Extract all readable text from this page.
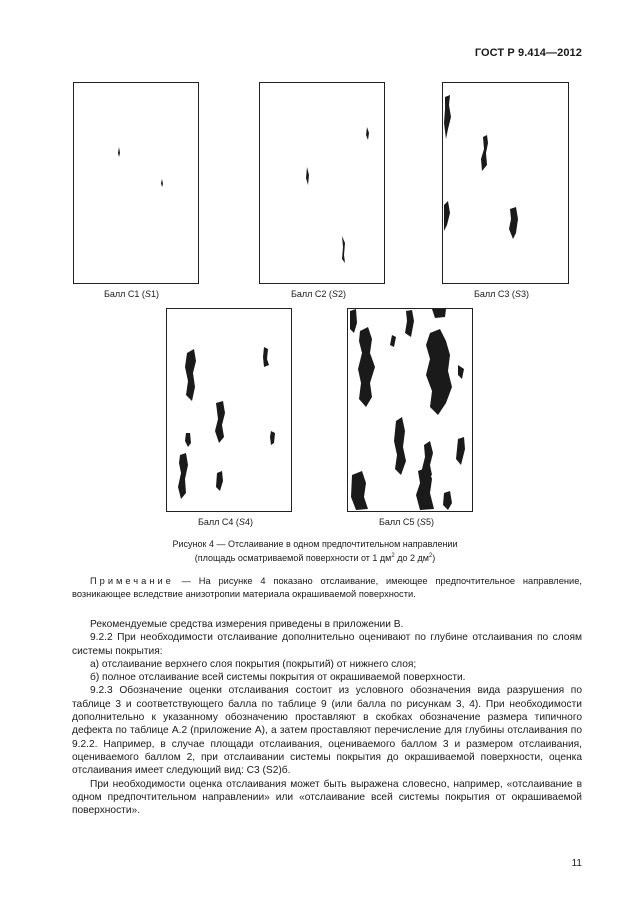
ГОСТ Р 9.414—2012
Балл С1 (S1)	Балл С2 (S2)	Балл С3 (S3)
Балл С4 (S4)	Балл С5 (S5)
Рисунок 4 — Отслаивание в одном предпочтительном направлении
(площадь осматриваемой поверхности от 1 $дм^2$ до 2 $дм^2$)
Примечание — На рисунке 4 показано отслаивание, имеющее предпочтительное направление, возникающее вследствие анизотропии материала окрашиваемой поверхности.

Рекомендуемые средства измерения приведены в приложении В.

9.2.2 При необходимости отслаивание дополнительно оценивают по глубине отслаивания по слоям системы покрытия:

а) отслаивание верхнего слоя покрытия (покрытий) от нижнего слоя;

б) полное отслаивание всей системы покрытия от окрашиваемой поверхности.

9.2.3 Обозначение оценки отслаивания состоит из условного обозначения вида разрушения по таблице 3 и соответствующего балла по таблице 9 (или балла по рисункам 3, 4). При необходимости дополнительно к указанному обозначению проставляют в скобках обозначение размера типичного дефекта по таблице А.2 (приложение А), а затем проставляют перечисление для глубины отслаивания по 9.2.2. Например, в случае площади отслаивания, оцениваемого баллом 3 и размером отслаивания, оцениваемого баллом 2, при отслаивании системы покрытия до окрашиваемой поверхности, оценка отслаивания имеет следующий вид: С3 (S2)б.

При необходимости оценка отслаивания может быть выражена словесно, например, «отслаивание в одном предпочтительном направлении» или «отслаивание всей системы покрытия от окрашиваемой поверхности».

11
